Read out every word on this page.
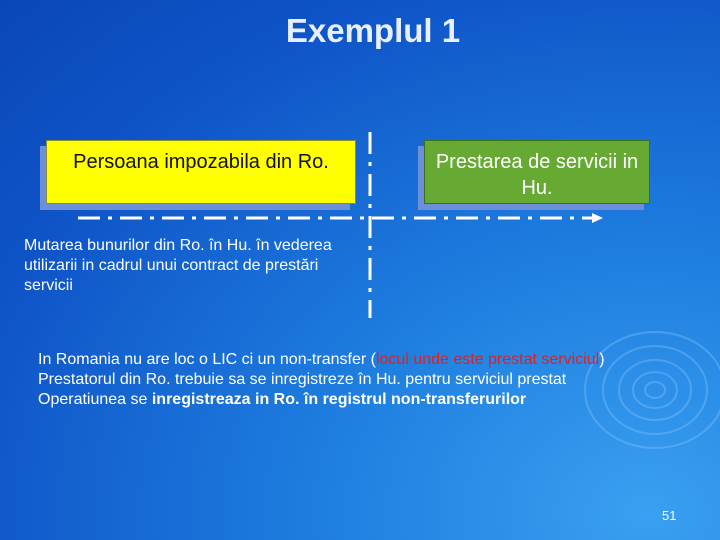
Exemplul 1
Persoana impozabila din Ro.	Prestarea de servicii in Hu.
Mutarea bunurilor din Ro. în Hu. în vederea utilizarii in cadrul unui contract de prestări servicii
In Romania nu are loc o LIC ci un non-transfer (locul unde este prestat serviciul)
Prestatorul din Ro. trebuie sa se inregistreze în Hu. pentru serviciul prestat
Operatiunea se inregistreaza in Ro. în registrul non-transferurilor
51
